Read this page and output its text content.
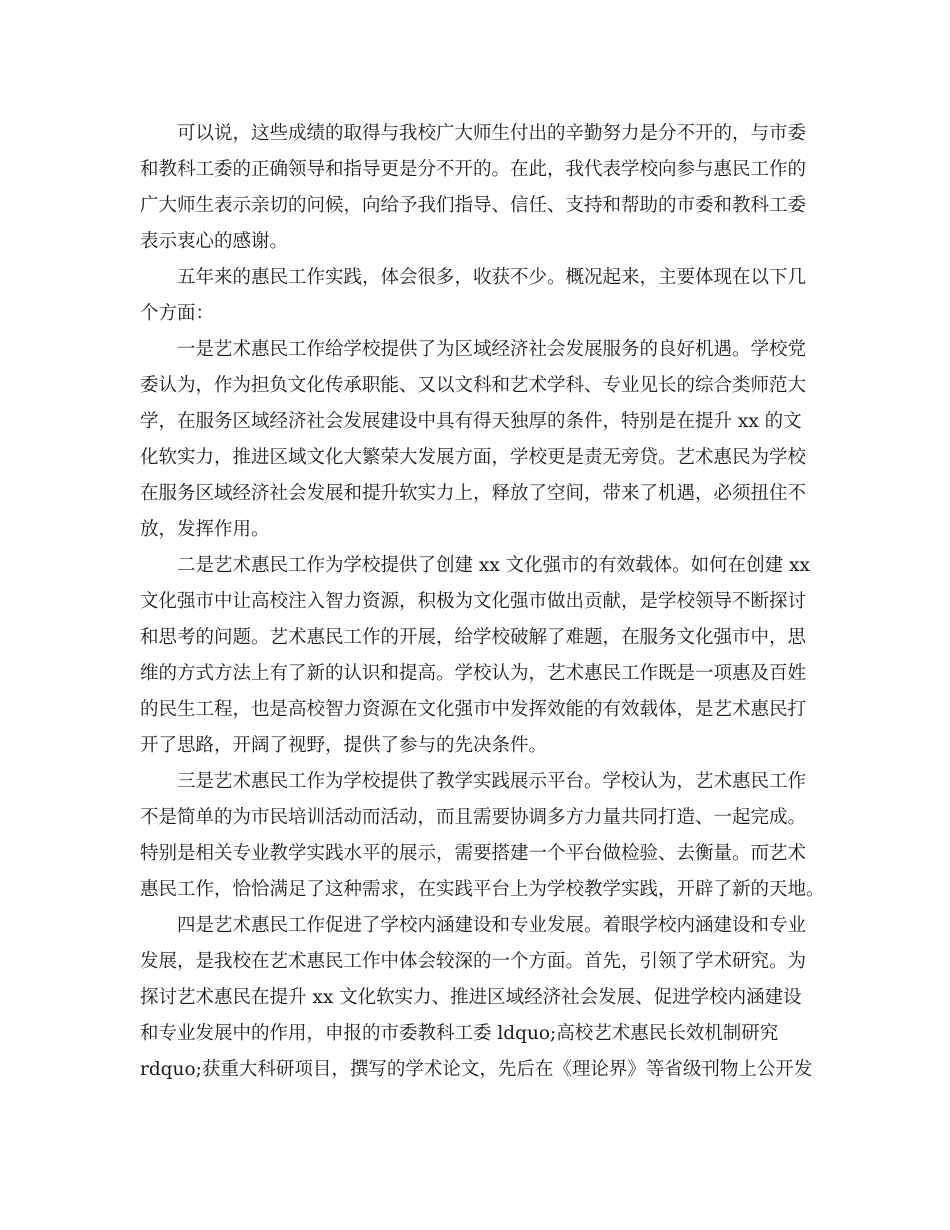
可以说，这些成绩的取得与我校广大师生付出的辛勤努力是分不开的，与市委
和教科工委的正确领导和指导更是分不开的。在此，我代表学校向参与惠民工作的
广大师生表示亲切的问候，向给予我们指导、信任、支持和帮助的市委和教科工委
表示衷心的感谢。
五年来的惠民工作实践，体会很多，收获不少。概况起来，主要体现在以下几
个方面：
一是艺术惠民工作给学校提供了为区域经济社会发展服务的良好机遇。学校党
委认为，作为担负文化传承职能、又以文科和艺术学科、专业见长的综合类师范大
学，在服务区域经济社会发展建设中具有得天独厚的条件，特别是在提升 xx 的文
化软实力，推进区域文化大繁荣大发展方面，学校更是责无旁贷。艺术惠民为学校
在服务区域经济社会发展和提升软实力上，释放了空间，带来了机遇，必须扭住不
放，发挥作用。
二是艺术惠民工作为学校提供了创建 xx 文化强市的有效载体。如何在创建 xx
文化强市中让高校注入智力资源，积极为文化强市做出贡献，是学校领导不断探讨
和思考的问题。艺术惠民工作的开展，给学校破解了难题，在服务文化强市中，思
维的方式方法上有了新的认识和提高。学校认为，艺术惠民工作既是一项惠及百姓
的民生工程，也是高校智力资源在文化强市中发挥效能的有效载体，是艺术惠民打
开了思路，开阔了视野，提供了参与的先决条件。
三是艺术惠民工作为学校提供了教学实践展示平台。学校认为，艺术惠民工作
不是简单的为市民培训活动而活动，而且需要协调多方力量共同打造、一起完成。
特别是相关专业教学实践水平的展示，需要搭建一个平台做检验、去衡量。而艺术
惠民工作，恰恰满足了这种需求，在实践平台上为学校教学实践，开辟了新的天地。
四是艺术惠民工作促进了学校内涵建设和专业发展。着眼学校内涵建设和专业
发展，是我校在艺术惠民工作中体会较深的一个方面。首先，引领了学术研究。为
探讨艺术惠民在提升 xx 文化软实力、推进区域经济社会发展、促进学校内涵建设
和专业发展中的作用，申报的市委教科工委 ldquo;高校艺术惠民长效机制研究
rdquo;获重大科研项目，撰写的学术论文，先后在《理论界》等省级刊物上公开发
